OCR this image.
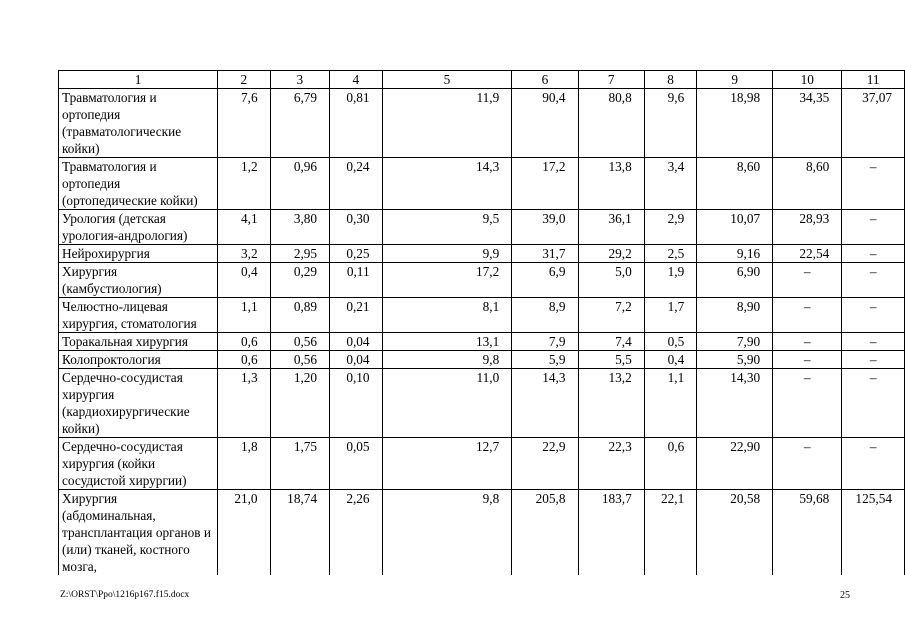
1	2	3	4	5	6	7	8	9	10	11
Травматология и ортопедия (травматологические койки)	7,6	6,79	0,81	11,9	90,4	80,8	9,6	18,98	34,35	37,07
Травматология и ортопедия (ортопедические койки)	1,2	0,96	0,24	14,3	17,2	13,8	3,4	8,60	8,60	–
Урология (детская урология-андрология)	4,1	3,80	0,30	9,5	39,0	36,1	2,9	10,07	28,93	–
Нейрохирургия	3,2	2,95	0,25	9,9	31,7	29,2	2,5	9,16	22,54	–
Хирургия (камбустиология)	0,4	0,29	0,11	17,2	6,9	5,0	1,9	6,90	–	–
Челюстно-лицевая хирургия, стоматология	1,1	0,89	0,21	8,1	8,9	7,2	1,7	8,90	–	–
Торакальная хирургия	0,6	0,56	0,04	13,1	7,9	7,4	0,5	7,90	–	–
Колопроктология	0,6	0,56	0,04	9,8	5,9	5,5	0,4	5,90	–	–
Сердечно-сосудистая хирургия (кардиохирургические койки)	1,3	1,20	0,10	11,0	14,3	13,2	1,1	14,30	–	–
Сердечно-сосудистая хирургия (койки сосудистой хирургии)	1,8	1,75	0,05	12,7	22,9	22,3	0,6	22,90	–	–
Хирургия (абдоминальная, трансплантация органов и (или) тканей, костного мозга,	21,0	18,74	2,26	9,8	205,8	183,7	22,1	20,58	59,68	125,54
Z:\ORST\Ppo\1216p167.f15.docx	25
